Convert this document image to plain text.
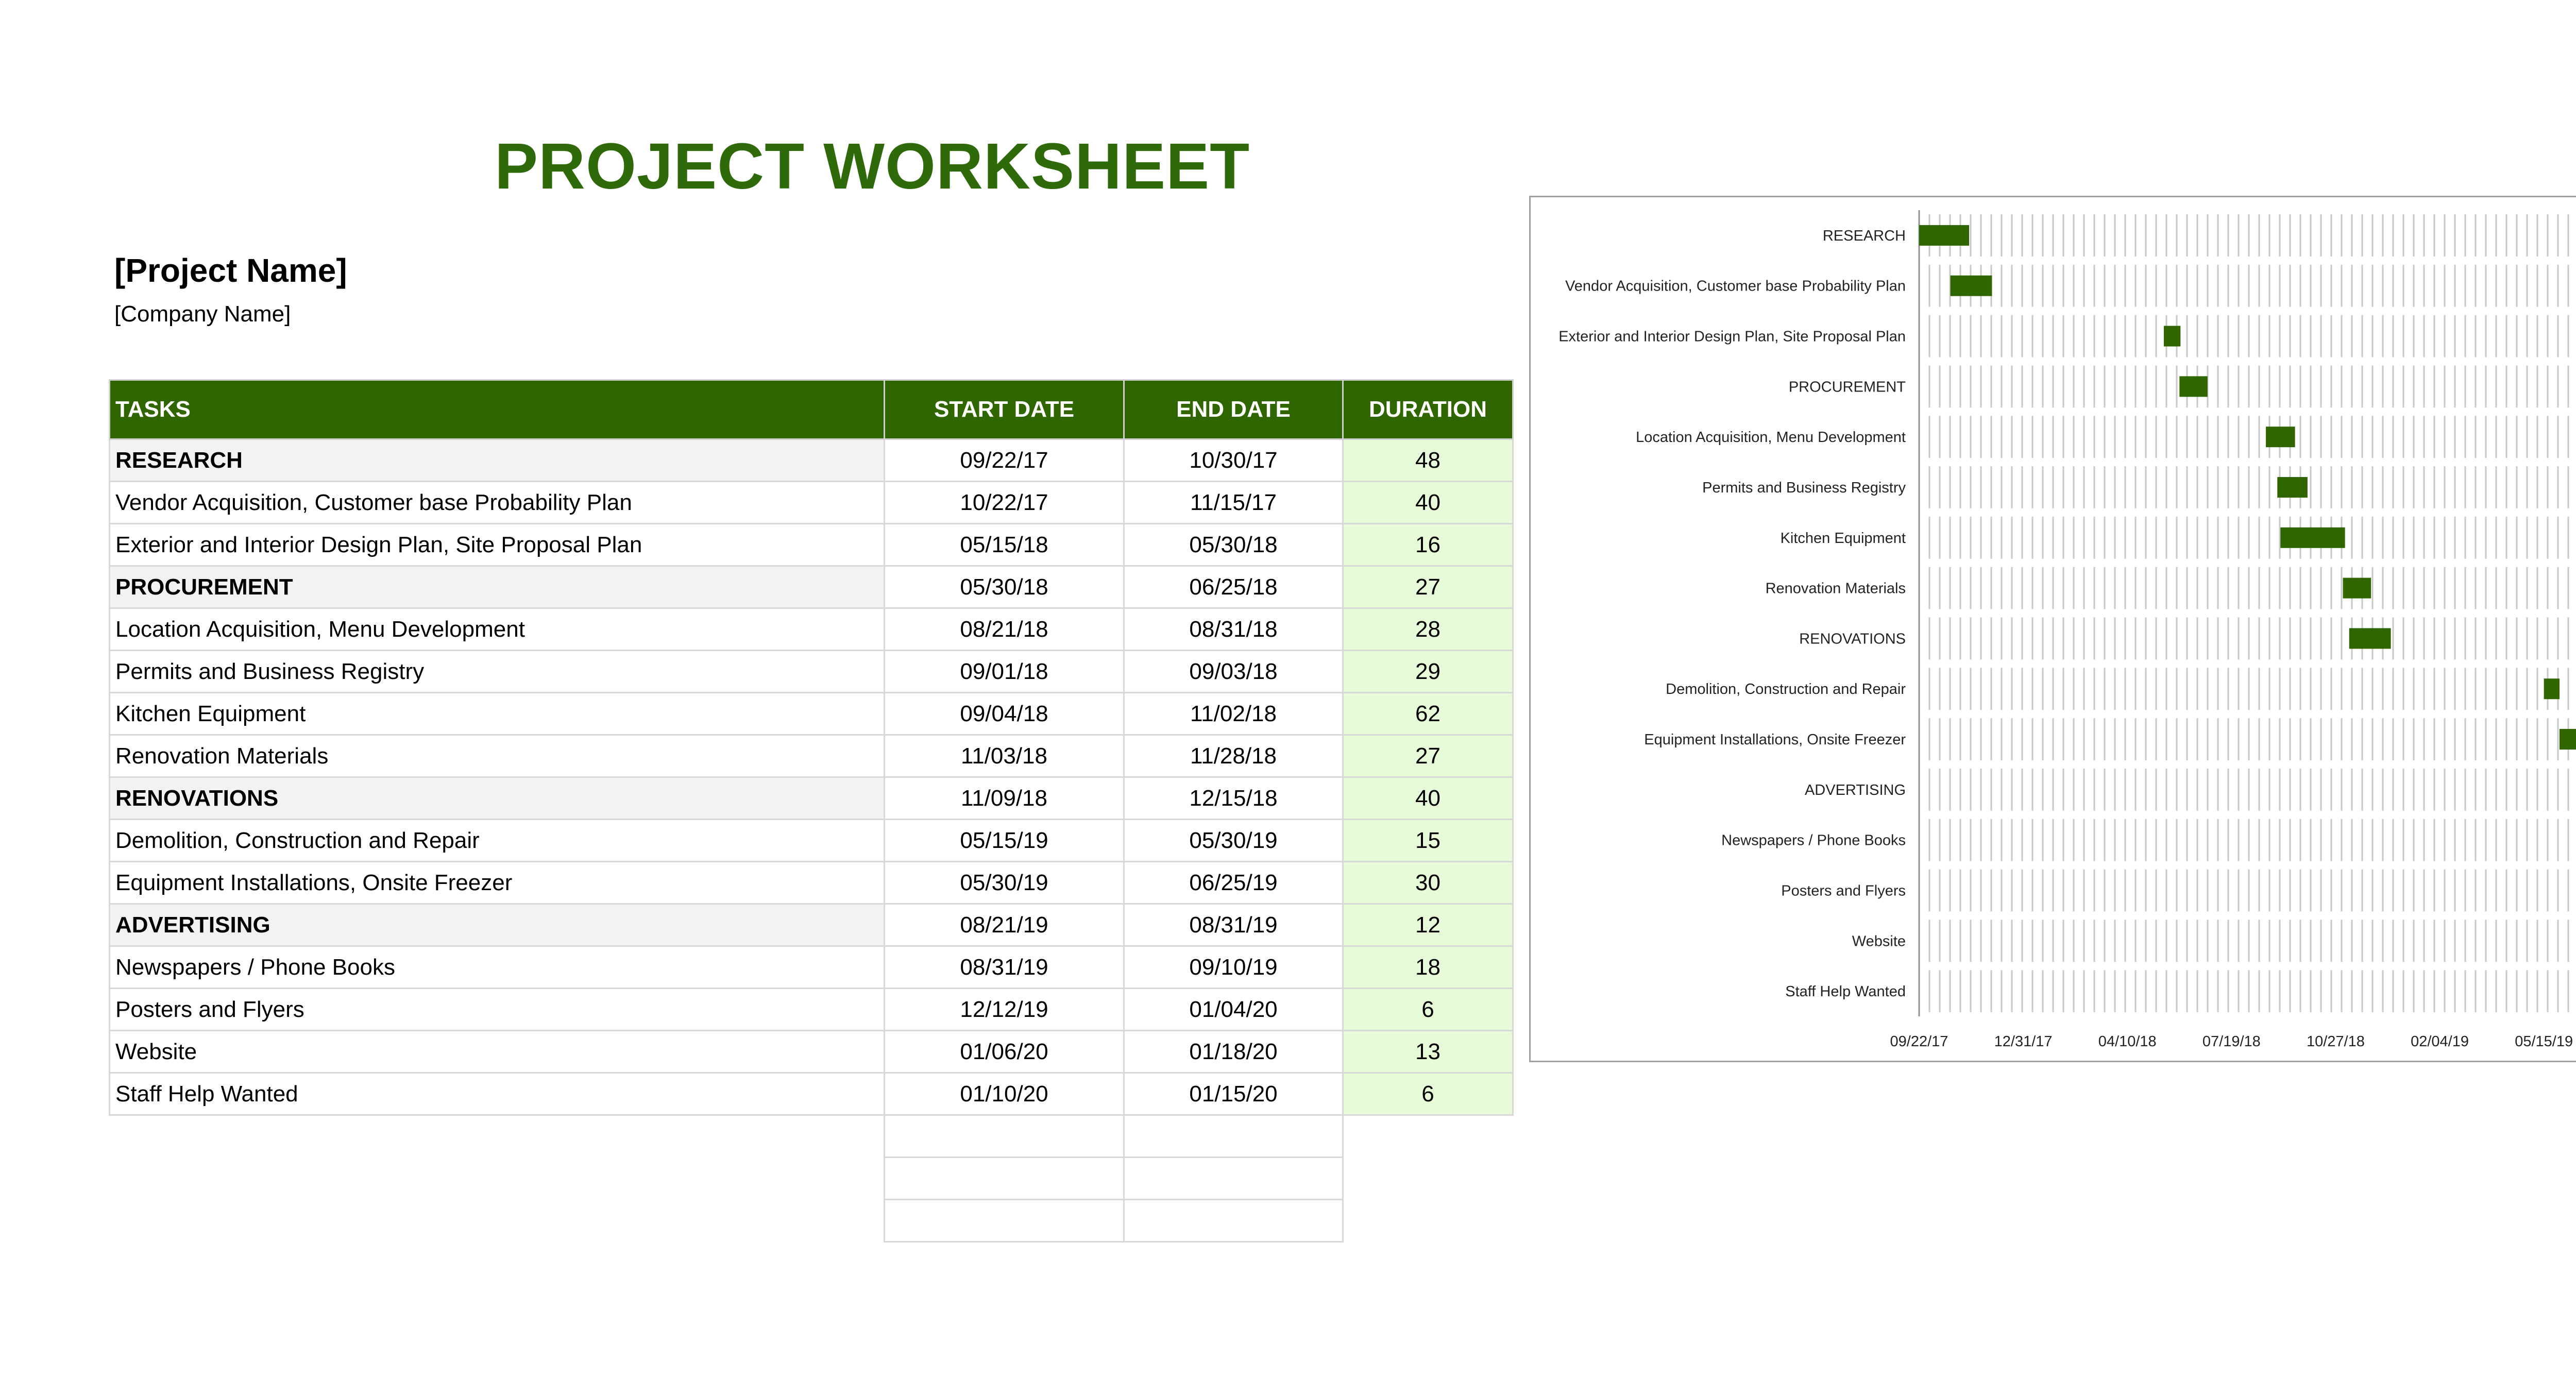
PROJECT WORKSHEET
[Project Name]
[Company Name]
TASKS	START DATE	END DATE	DURATION
RESEARCH	09/22/17	10/30/17	48
Vendor Acquisition, Customer base Probability Plan	10/22/17	11/15/17	40
Exterior and Interior Design Plan, Site Proposal Plan	05/15/18	05/30/18	16
PROCUREMENT	05/30/18	06/25/18	27
Location Acquisition, Menu Development	08/21/18	08/31/18	28
Permits and Business Registry	09/01/18	09/03/18	29
Kitchen Equipment	09/04/18	11/02/18	62
Renovation Materials	11/03/18	11/28/18	27
RENOVATIONS	11/09/18	12/15/18	40
Demolition, Construction and Repair	05/15/19	05/30/19	15
Equipment Installations, Onsite Freezer	05/30/19	06/25/19	30
ADVERTISING	08/21/19	08/31/19	12
Newspapers / Phone Books	08/31/19	09/10/19	18
Posters and Flyers	12/12/19	01/04/20	6
Website	01/06/20	01/18/20	13
Staff Help Wanted	01/10/20	01/15/20	6

RESEARCH
Vendor Acquisition, Customer base Probability Plan
Exterior and Interior Design Plan, Site Proposal Plan
PROCUREMENT
Location Acquisition, Menu Development
Permits and Business Registry
Kitchen Equipment
Renovation Materials
RENOVATIONS
Demolition, Construction and Repair
Equipment Installations, Onsite Freezer
ADVERTISING
Newspapers / Phone Books
Posters and Flyers
Website
Staff Help Wanted
09/22/17	12/31/17	04/10/18	07/19/18	10/27/18	02/04/19	05/15/19
